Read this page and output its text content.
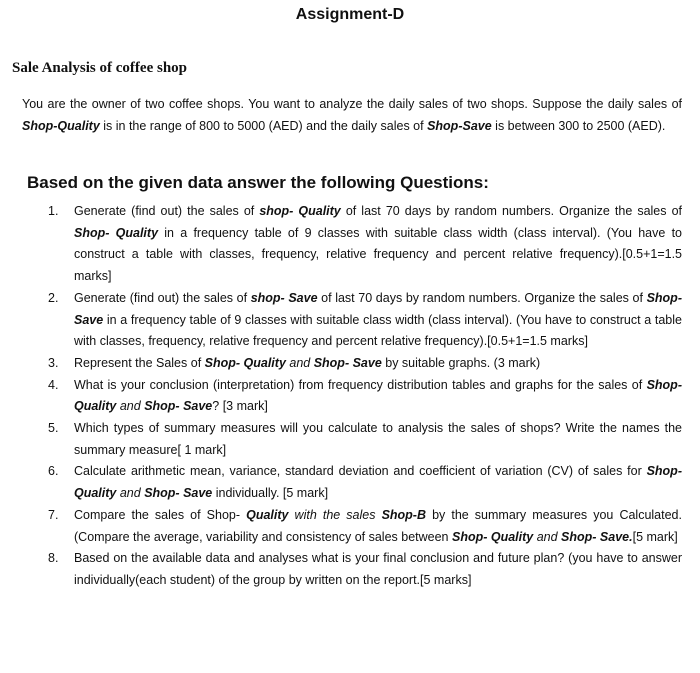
Assignment-D
Sale Analysis of coffee shop

You are the owner of two coffee shops. You want to analyze the daily sales of two shops. Suppose the daily sales of Shop-Quality is in the range of 800 to 5000 (AED) and the daily sales of Shop-Save is between 300 to 2500 (AED).

Based on the given data answer the following Questions:
1. Generate (find out) the sales of shop- Quality of last 70 days by random numbers. Organize the sales of Shop- Quality in a frequency table of 9 classes with suitable class width (class interval). (You have to construct a table with classes, frequency, relative frequency and percent relative frequency).[0.5+1=1.5 marks]
2. Generate (find out) the sales of shop- Save of last 70 days by random numbers. Organize the sales of Shop- Save in a frequency table of 9 classes with suitable class width (class interval). (You have to construct a table with classes, frequency, relative frequency and percent relative frequency).[0.5+1=1.5 marks]
3. Represent the Sales of Shop- Quality and Shop- Save by suitable graphs. (3 mark)
4. What is your conclusion (interpretation) from frequency distribution tables and graphs for the sales of Shop- Quality and Shop- Save? [3 mark]
5. Which types of summary measures will you calculate to analysis the sales of shops? Write the names the summary measure[ 1 mark]
6. Calculate arithmetic mean, variance, standard deviation and coefficient of variation (CV) of sales for Shop- Quality and Shop- Save individually. [5 mark]
7. Compare the sales of Shop- Quality with the sales Shop-B by the summary measures you Calculated. (Compare the average, variability and consistency of sales between Shop- Quality and Shop- Save.[5 mark]
8. Based on the available data and analyses what is your final conclusion and future plan? (you have to answer individually(each student) of the group by written on the report.[5 marks]
